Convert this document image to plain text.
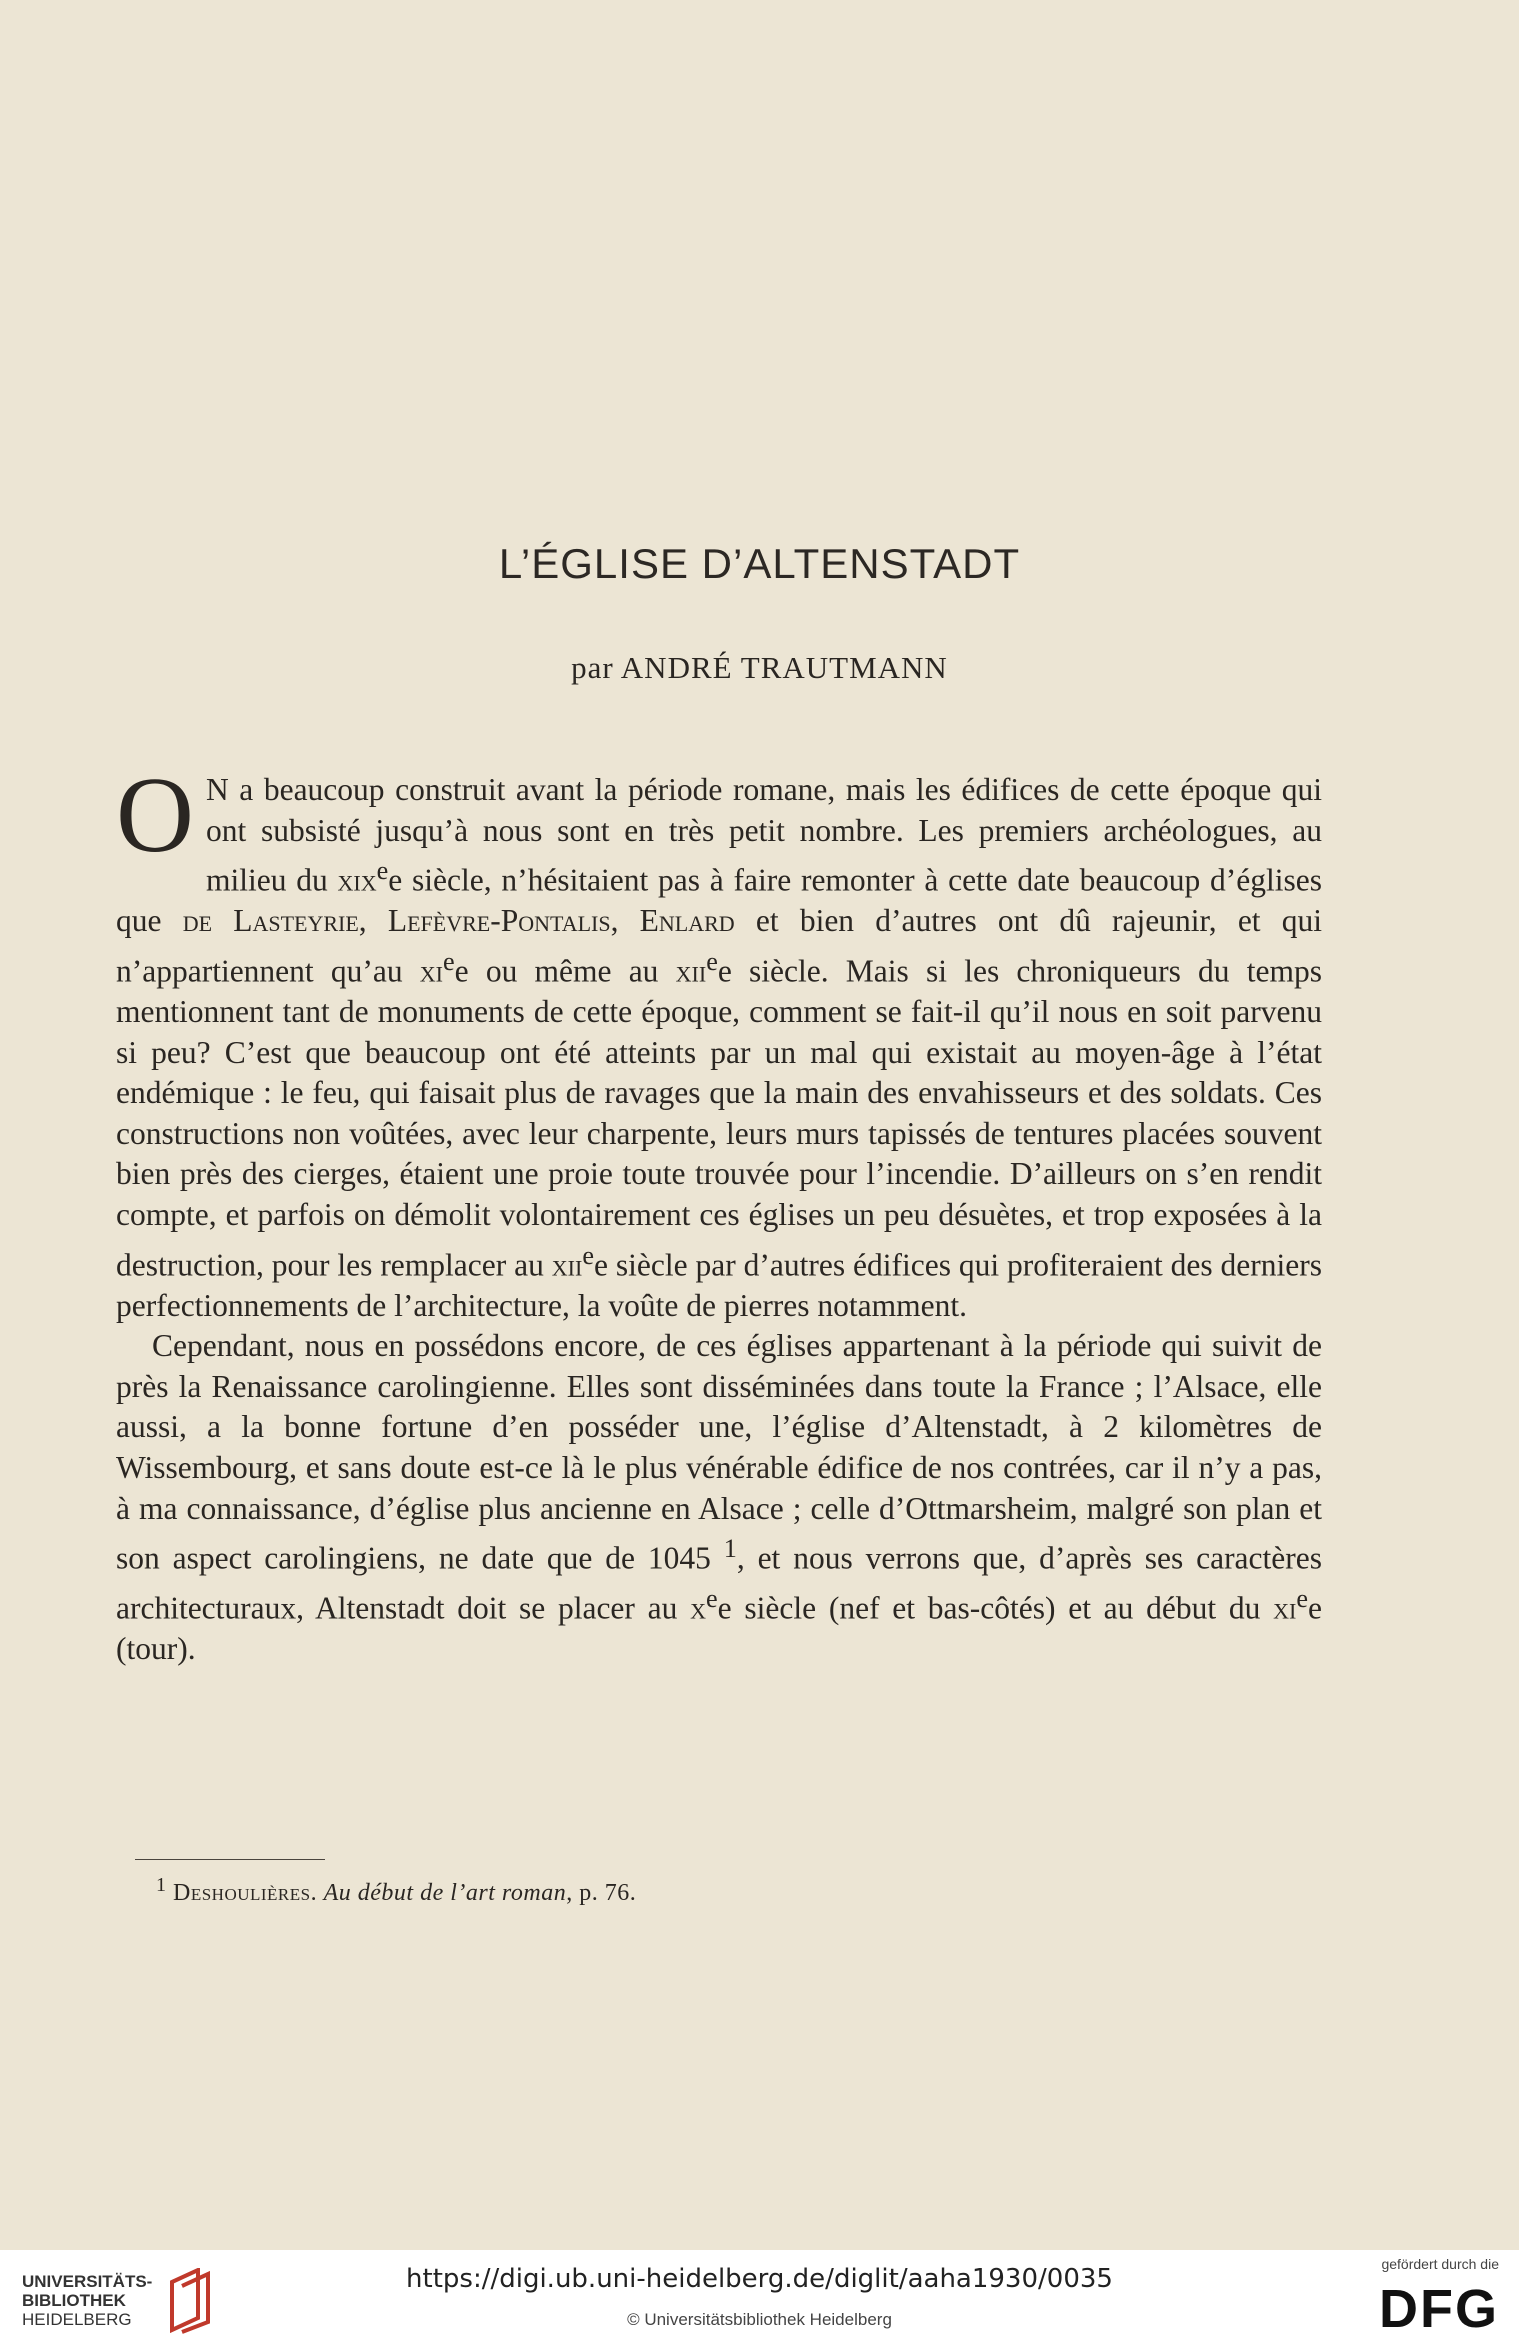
L’ÉGLISE D’ALTENSTADT
par ANDRÉ TRAUTMANN

O N a beaucoup construit avant la période romane, mais les édifices de cette époque qui ont subsisté jusqu’à nous sont en très petit nombre. Les premiers archéologues, au milieu du xix$^e$e siècle, n’hésitaient pas à faire remonter à cette date beaucoup d’églises que de Lasteyrie, Lefèvre-Pontalis, Enlard et bien d’autres ont dû rajeunir, et qui n’appartiennent qu’au $xi^ee$ ou même au xii$^e$e siècle. Mais si les chroniqueurs du temps mentionnent tant de monuments de cette époque, comment se fait-il qu’il nous en soit parvenu si peu? C’est que beaucoup ont été atteints par un mal qui existait au moyen-âge à l’état endémique : le feu, qui faisait plus de ravages que la main des envahisseurs et des soldats. Ces constructions non voûtées, avec leur charpente, leurs murs tapissés de tentures placées souvent bien près des cierges, étaient une proie toute trouvée pour l’incendie. D’ailleurs on s’en rendit compte, et parfois on démolit volontairement ces églises un peu désuètes, et trop exposées à la destruction, pour les remplacer au xii$^e$e siècle par d’autres édifices qui profiteraient des derniers perfectionnements de l’architecture, la voûte de pierres notamment.

Cependant, nous en possédons encore, de ces églises appartenant à la période qui suivit de près la Renaissance carolingienne. Elles sont disséminées dans toute la France ; l’Alsace, elle aussi, a la bonne fortune d’en posséder une, l’église d’Altenstadt, à 2 kilomètres de Wissembourg, et sans doute est-ce là le plus vénérable édifice de nos contrées, car il n’y a pas, à ma connaissance, d’église plus ancienne en Alsace ; celle d’Ottmarsheim, malgré son plan et son aspect carolingiens, ne date que de 1045 $^1$, et nous verrons que, d’après ses caractères architecturaux, Altenstadt doit se placer au $x^ee$ siècle (nef et bas-côtés) et au début du $xi^ee$ (tour).

$^1$ Deshoulières. Au début de l’art roman, p. 76.
UNIVERSITÄTS-
BIBLIOTHEK
HEIDELBERG
https://digi.ub.uni-heidelberg.de/diglit/aaha1930/0035
© Universitätsbibliothek Heidelberg
gefördert durch die
DFG
